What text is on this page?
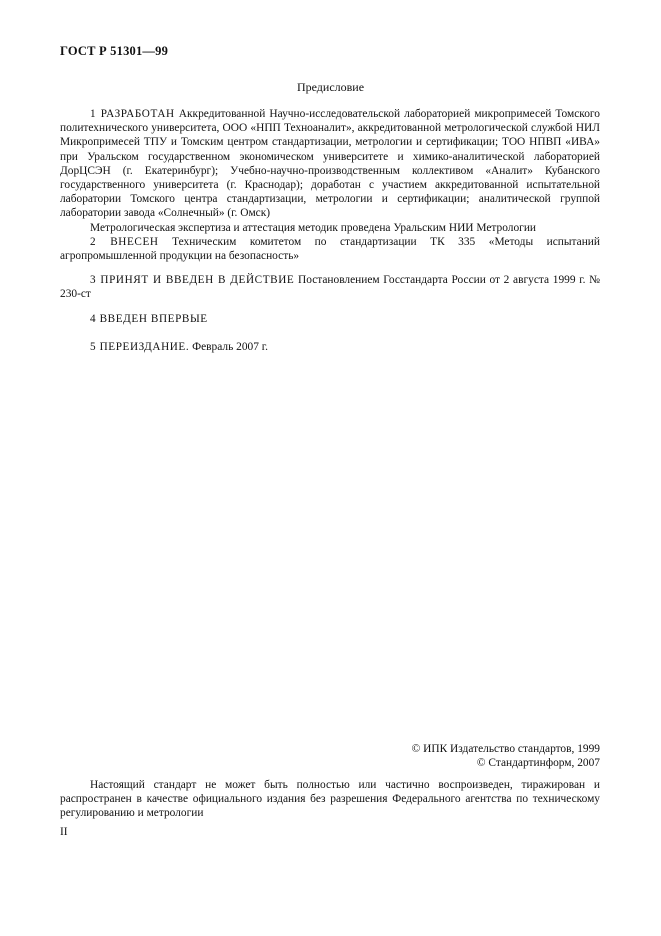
ГОСТ Р 51301—99
Предисловие

1 РАЗРАБОТАН Аккредитованной Научно-исследовательской лабораторией микропримесей Томского политехнического университета, ООО «НПП Техноаналит», аккредитованной метрологической службой НИЛ Микропримесей ТПУ и Томским центром стандартизации, метрологии и сертификации; ТОО НПВП «ИВА» при Уральском государственном экономическом университете и химико-аналитической лабораторией ДорЦСЭН (г. Екатеринбург); Учебно-научно-производственным коллективом «Аналит» Кубанского государственного университета (г. Краснодар); доработан с участием аккредитованной испытательной лаборатории Томского центра стандартизации, метрологии и сертификации; аналитической группой лаборатории завода «Солнечный» (г. Омск)

Метрологическая экспертиза и аттестация методик проведена Уральским НИИ Метрологии

2 ВНЕСЕН Техническим комитетом по стандартизации ТК 335 «Методы испытаний агропромышленной продукции на безопасность»

3 ПРИНЯТ И ВВЕДЕН В ДЕЙСТВИЕ Постановлением Госстандарта России от 2 августа 1999 г. № 230-ст

4 ВВЕДЕН ВПЕРВЫЕ

5 ПЕРЕИЗДАНИЕ. Февраль 2007 г.

© ИПК Издательство стандартов, 1999
© Стандартинформ, 2007

Настоящий стандарт не может быть полностью или частично воспроизведен, тиражирован и распространен в качестве официального издания без разрешения Федерального агентства по техническому регулированию и метрологии

II
